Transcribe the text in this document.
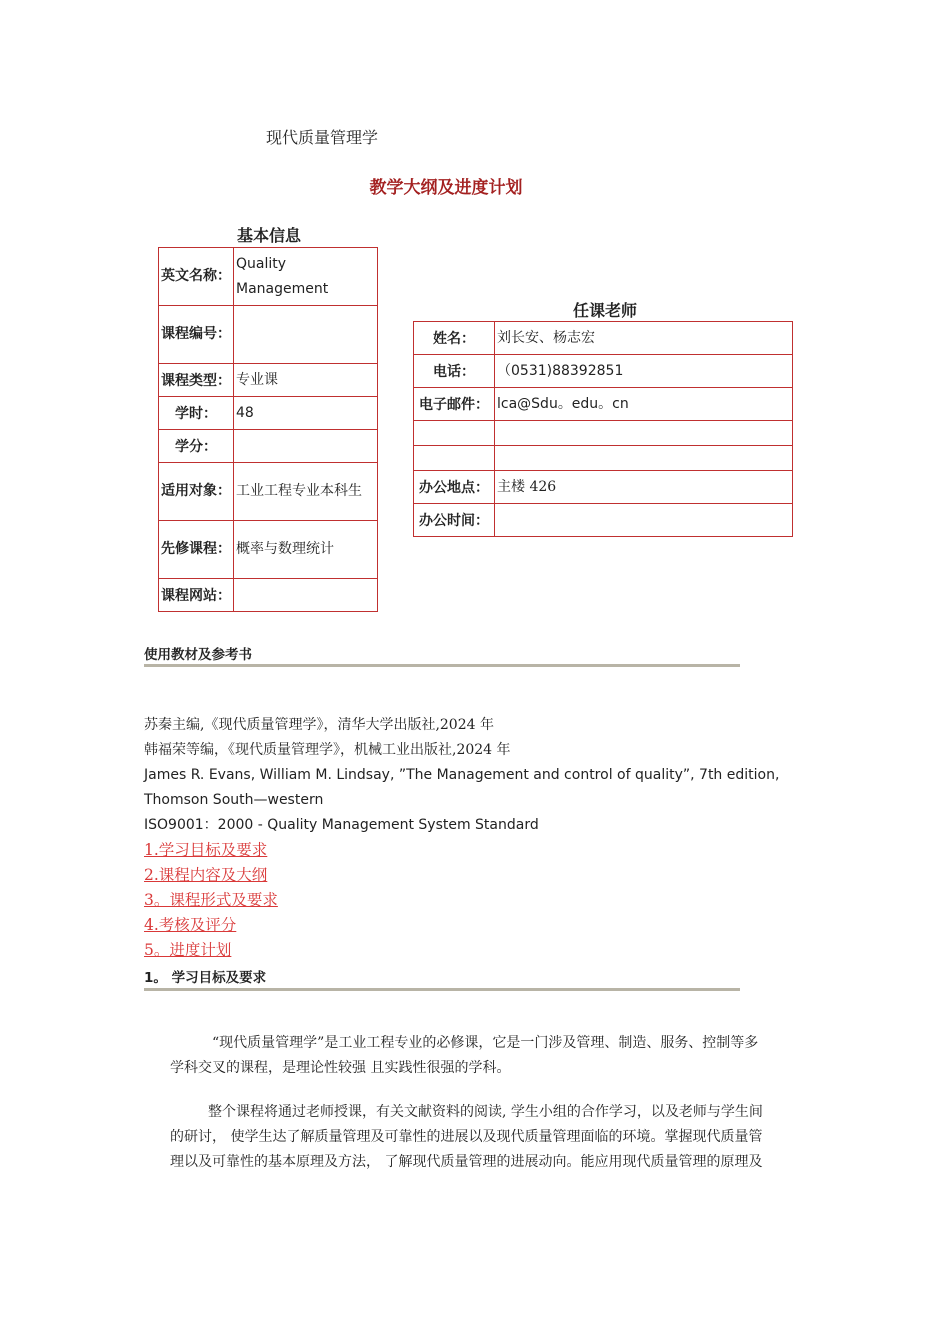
现代质量管理学
教学大纲及进度计划
基本信息
英文名称：	Quality Management
课程编号：	
课程类型：	专业课
学时：	48
学分：	
适用对象：	工业工程专业本科生
先修课程：	概率与数理统计
课程网站：	
任课老师
姓名：	刘长安、杨志宏
电话：	（0531)88392851
电子邮件：	lca@Sdu。edu。cn

办公地点：	主楼 426
办公时间：	
使用教材及参考书
苏秦主编,《现代质量管理学》，清华大学出版社,2024 年
韩福荣等编，《现代质量管理学》，机械工业出版社,2024 年
James R. Evans, William M. Lindsay, ”The Management and control of quality”, 7th edition,
Thomson South—western
ISO9001：2000 - Quality Management System Standard
1.学习目标及要求
2.课程内容及大纲
3。课程形式及要求
4.考核及评分
5。进度计划
1。 学习目标及要求
“现代质量管理学”是工业工程专业的必修课，它是一门涉及管理、制造、服务、控制等多
学科交叉的课程，是理论性较强 且实践性很强的学科。
整个课程将通过老师授课，有关文献资料的阅读, 学生小组的合作学习，以及老师与学生间
的研讨， 使学生达了解质量管理及可靠性的进展以及现代质量管理面临的环境。掌握现代质量管
理以及可靠性的基本原理及方法， 了解现代质量管理的进展动向。能应用现代质量管理的原理及
